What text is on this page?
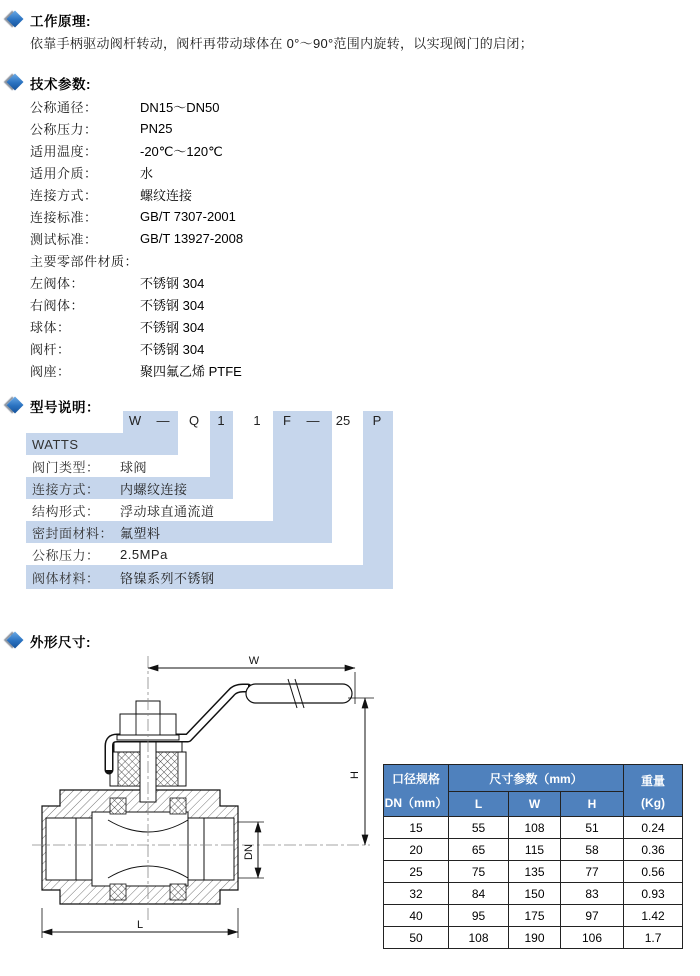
工作原理:
依靠手柄驱动阀杆转动，阀杆再带动球体在 0°～90°范围内旋转，以实现阀门的启闭；
技术参数:
公称通径：	DN15～DN50
公称压力：	PN25
适用温度：	-20℃～120℃
适用介质：	水
连接方式：	螺纹连接
连接标准：	GB/T 7307-2001
测试标准：	GB/T 13927-2008
主要零部件材质：
左阀体：	不锈钢 304
右阀体：	不锈钢 304
球体：	不锈钢 304
阀杆：	不锈钢 304
阀座：	聚四氟乙烯 PTFE
型号说明：
W — Q 1 1 F — 25 P
WATTS
阀门类型： 球阀
连接方式： 内螺纹连接
结构形式： 浮动球直通流道
密封面材料： 氟塑料
公称压力： 2.5MPa
阀体材料： 铬镍系列不锈钢
外形尺寸:
W
H
DN
L
口径规格
DN（mm）
	尺寸参数（mm）	重量
(Kg)

	L	W	H	
15	55	108	51	0.24
20	65	115	58	0.36
25	75	135	77	0.56
32	84	150	83	0.93
40	95	175	97	1.42
50	108	190	106	1.7
